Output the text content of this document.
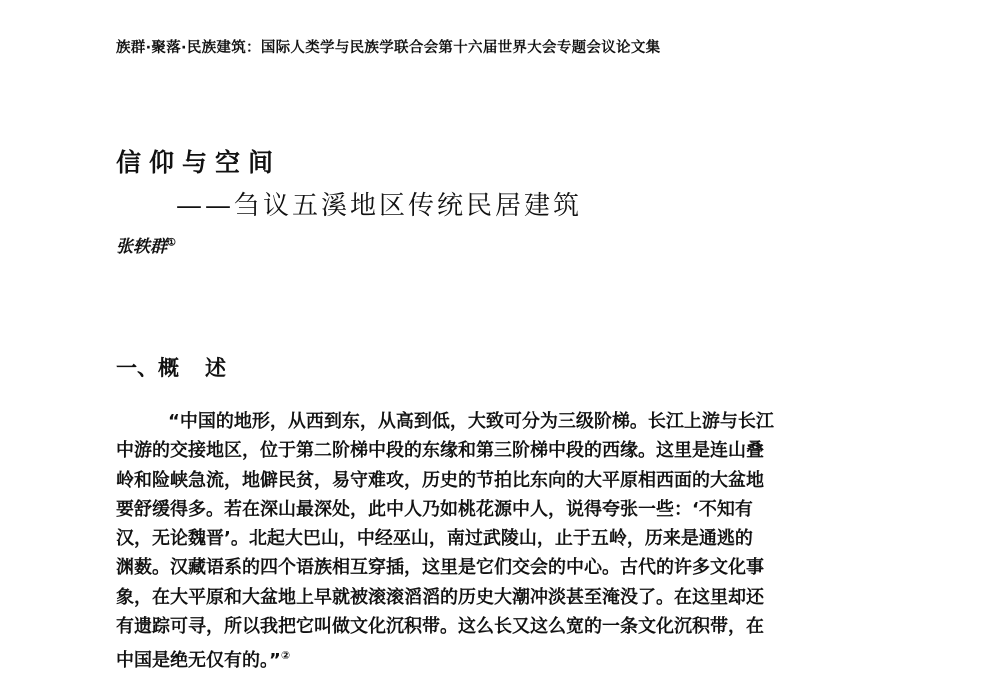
族群·聚落·民族建筑：国际人类学与民族学联合会第十六届世界大会专题会议论文集
信仰与空间
——刍议五溪地区传统民居建筑
张轶群①
一、概 述
“中国的地形，从西到东，从高到低，大致可分为三级阶梯。长江上游与长江
中游的交接地区，位于第二阶梯中段的东缘和第三阶梯中段的西缘。这里是连山叠
岭和险峡急流，地僻民贫，易守难攻，历史的节拍比东向的大平原相西面的大盆地
要舒缓得多。若在深山最深处，此中人乃如桃花源中人，说得夸张一些：‘不知有
汉，无论魏晋’。北起大巴山，中经巫山，南过武陵山，止于五岭，历来是通逃的
渊薮。汉藏语系的四个语族相互穿插，这里是它们交会的中心。古代的许多文化事
象，在大平原和大盆地上早就被滚滚滔滔的历史大潮冲淡甚至淹没了。在这里却还
有遗踪可寻，所以我把它叫做文化沉积带。这么长又这么宽的一条文化沉积带，在
中国是绝无仅有的。”②
